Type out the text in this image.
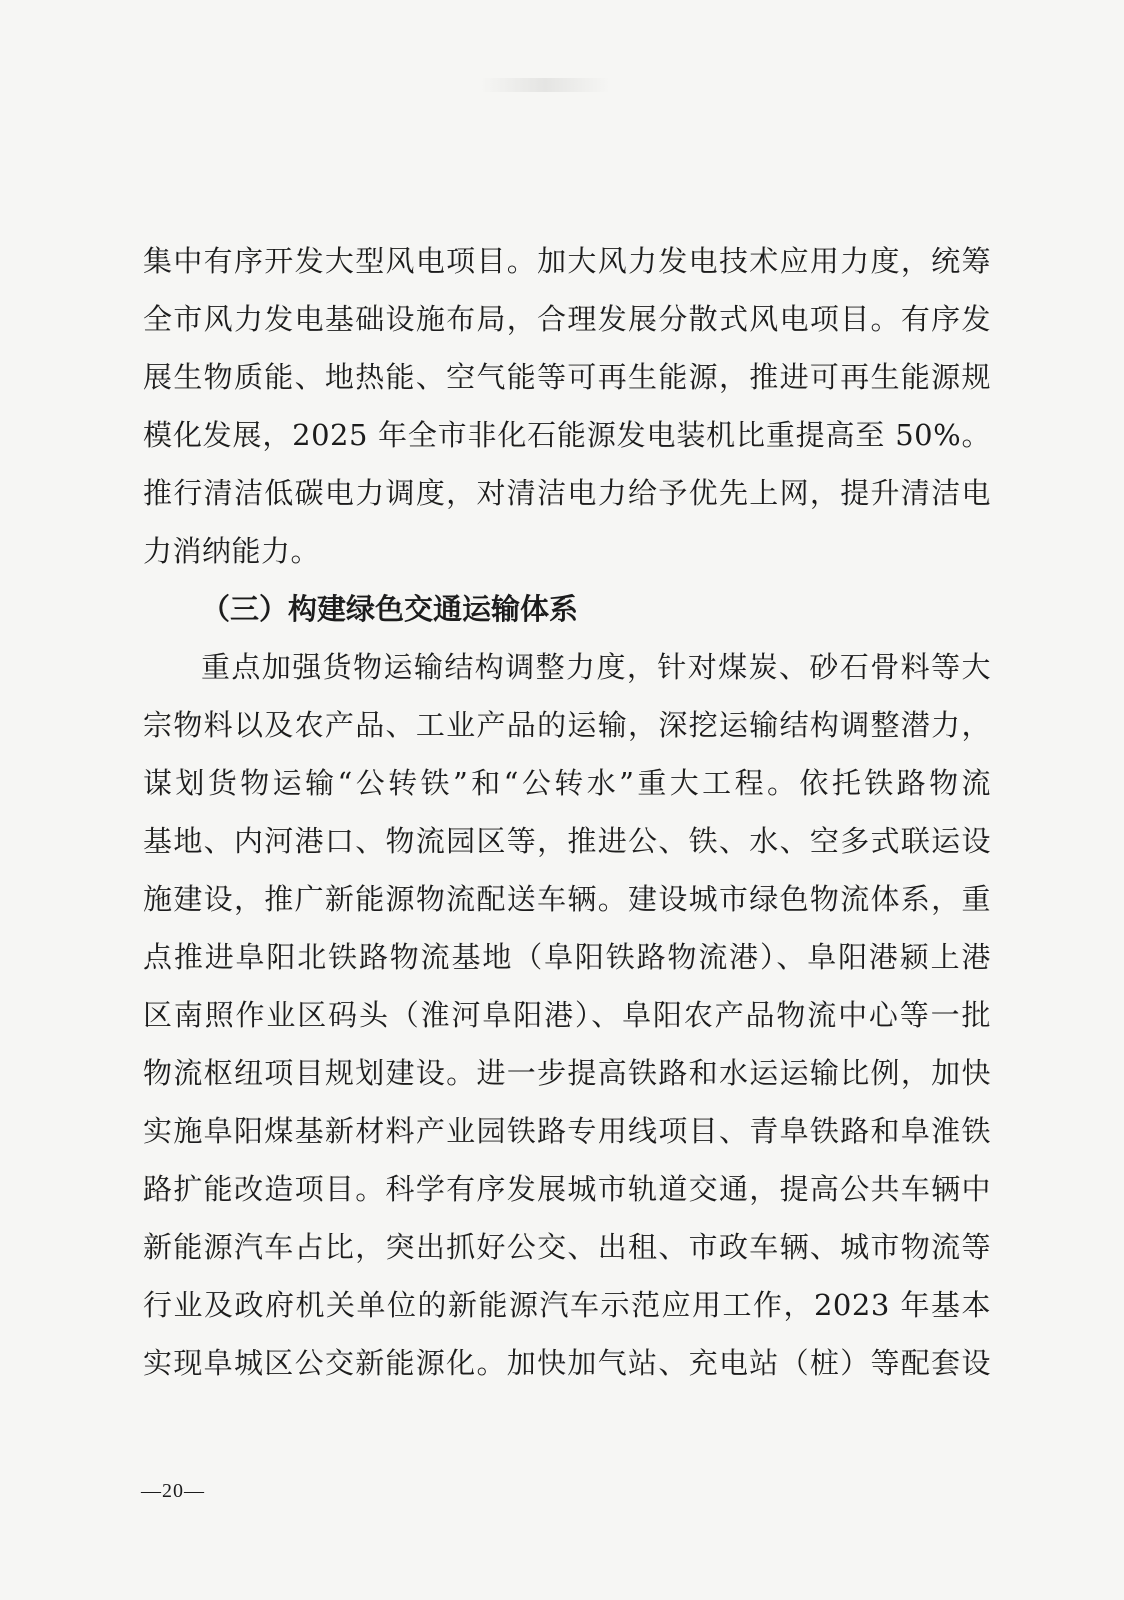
集中有序开发大型风电项目。加大风力发电技术应用力度，统筹
全市风力发电基础设施布局，合理发展分散式风电项目。有序发
展生物质能、地热能、空气能等可再生能源，推进可再生能源规
模化发展，2025 年全市非化石能源发电装机比重提高至 50%。
推行清洁低碳电力调度，对清洁电力给予优先上网，提升清洁电
力消纳能力。
（三）构建绿色交通运输体系
重点加强货物运输结构调整力度，针对煤炭、砂石骨料等大
宗物料以及农产品、工业产品的运输，深挖运输结构调整潜力，
谋划货物运输“公转铁”和“公转水”重大工程。依托铁路物流
基地、内河港口、物流园区等，推进公、铁、水、空多式联运设
施建设，推广新能源物流配送车辆。建设城市绿色物流体系，重
点推进阜阳北铁路物流基地（阜阳铁路物流港）、阜阳港颍上港
区南照作业区码头（淮河阜阳港）、阜阳农产品物流中心等一批
物流枢纽项目规划建设。进一步提高铁路和水运运输比例，加快
实施阜阳煤基新材料产业园铁路专用线项目、青阜铁路和阜淮铁
路扩能改造项目。科学有序发展城市轨道交通，提高公共车辆中
新能源汽车占比，突出抓好公交、出租、市政车辆、城市物流等
行业及政府机关单位的新能源汽车示范应用工作，2023 年基本
实现阜城区公交新能源化。加快加气站、充电站（桩）等配套设
—20—
